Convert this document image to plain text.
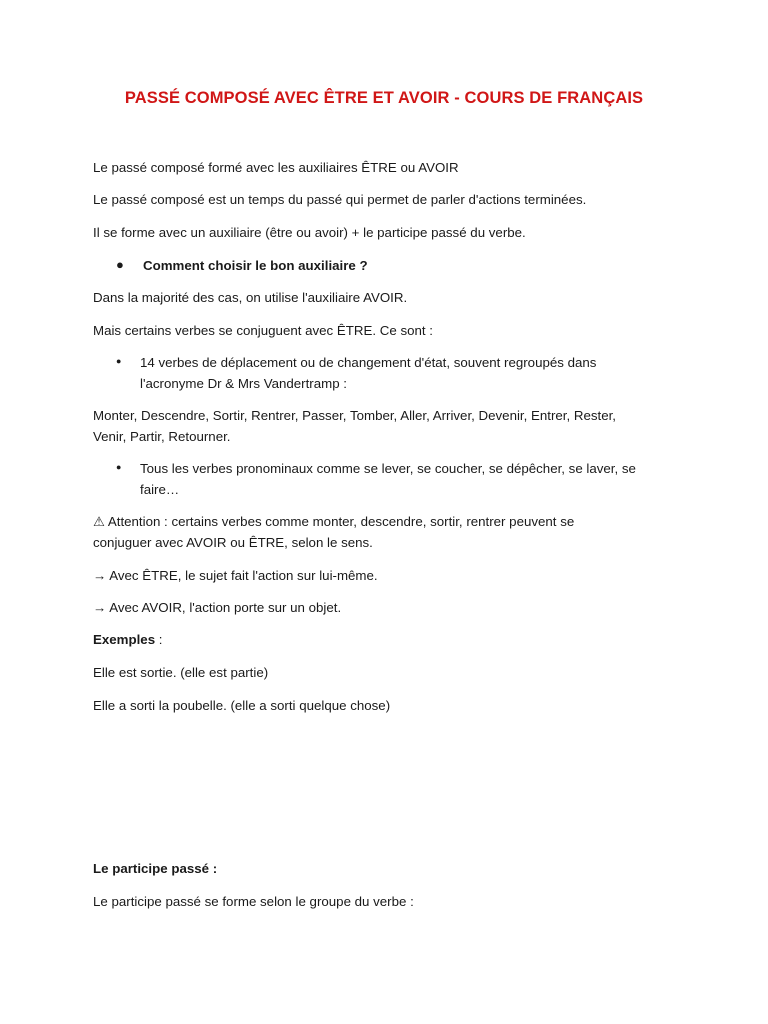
PASSÉ COMPOSÉ AVEC ÊTRE ET AVOIR - COURS DE FRANÇAIS

Le passé composé formé avec les auxiliaires ÊTRE ou AVOIR

Le passé composé est un temps du passé qui permet de parler d'actions terminées.

Il se forme avec un auxiliaire (être ou avoir) + le participe passé du verbe.

● Comment choisir le bon auxiliaire ?

Dans la majorité des cas, on utilise l'auxiliaire AVOIR.

Mais certains verbes se conjuguent avec ÊTRE. Ce sont :

●	14 verbes de déplacement ou de changement d'état, souvent regroupés dans

l'acronyme Dr & Mrs Vandertramp :

Monter, Descendre, Sortir, Rentrer, Passer, Tomber, Aller, Arriver, Devenir, Entrer, Rester,

Venir, Partir, Retourner.

●	Tous les verbes pronominaux comme se lever, se coucher, se dépêcher, se laver, se

faire…

⚠ Attention : certains verbes comme monter, descendre, sortir, rentrer peuvent se

conjuguer avec AVOIR ou ÊTRE, selon le sens.

→ Avec ÊTRE, le sujet fait l'action sur lui-même.

→ Avec AVOIR, l'action porte sur un objet.

Exemples :

Elle est sortie. (elle est partie)

Elle a sorti la poubelle. (elle a sorti quelque chose)

Le participe passé :

Le participe passé se forme selon le groupe du verbe :
